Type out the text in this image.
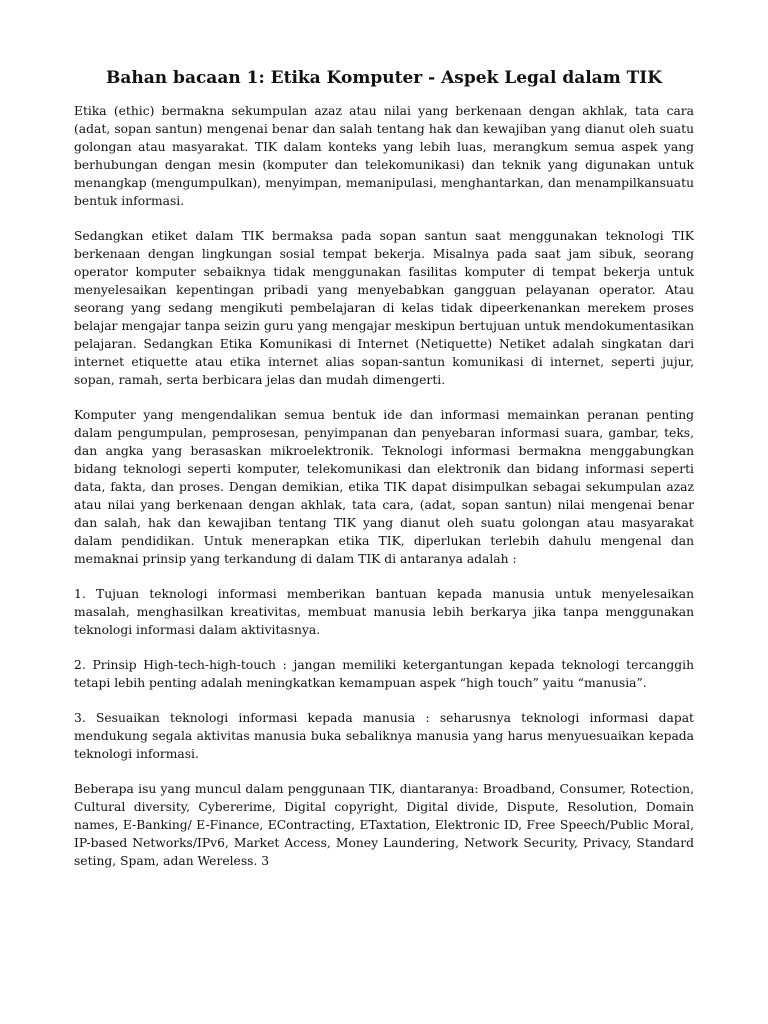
Bahan bacaan 1: Etika Komputer - Aspek Legal dalam TIK

Etika (ethic) bermakna sekumpulan azaz atau nilai yang berkenaan dengan akhlak, tata cara (adat, sopan santun) mengenai benar dan salah tentang hak dan kewajiban yang dianut oleh suatu golongan atau masyarakat. TIK dalam konteks yang lebih luas, merangkum semua aspek yang berhubungan dengan mesin (komputer dan telekomunikasi) dan teknik yang digunakan untuk menangkap (mengumpulkan), menyimpan, memanipulasi, menghantarkan, dan menampilkansuatu bentuk informasi.

Sedangkan etiket dalam TIK bermaksa pada sopan santun saat menggunakan teknologi TIK berkenaan dengan lingkungan sosial tempat bekerja. Misalnya pada saat jam sibuk, seorang operator komputer sebaiknya tidak menggunakan fasilitas komputer di tempat bekerja untuk menyelesaikan kepentingan pribadi yang menyebabkan gangguan pelayanan operator. Atau seorang yang sedang mengikuti pembelajaran di kelas tidak dipeerkenankan merekem proses belajar mengajar tanpa seizin guru yang mengajar meskipun bertujuan untuk mendokumentasikan pelajaran. Sedangkan Etika Komunikasi di Internet (Netiquette) Netiket adalah singkatan dari internet etiquette atau etika internet alias sopan-santun komunikasi di internet, seperti jujur, sopan, ramah, serta berbicara jelas dan mudah dimengerti.

Komputer yang mengendalikan semua bentuk ide dan informasi memainkan peranan penting dalam pengumpulan, pemprosesan, penyimpanan dan penyebaran informasi suara, gambar, teks, dan angka yang berasaskan mikroelektronik. Teknologi informasi bermakna menggabungkan bidang teknologi seperti komputer, telekomunikasi dan elektronik dan bidang informasi seperti data, fakta, dan proses. Dengan demikian, etika TIK dapat disimpulkan sebagai sekumpulan azaz atau nilai yang berkenaan dengan akhlak, tata cara, (adat, sopan santun) nilai mengenai benar dan salah, hak dan kewajiban tentang TIK yang dianut oleh suatu golongan atau masyarakat dalam pendidikan. Untuk menerapkan etika TIK, diperlukan terlebih dahulu mengenal dan memaknai prinsip yang terkandung di dalam TIK di antaranya adalah :

1. Tujuan teknologi informasi memberikan bantuan kepada manusia untuk menyelesaikan masalah, menghasilkan kreativitas, membuat manusia lebih berkarya jika tanpa menggunakan teknologi informasi dalam aktivitasnya.

2. Prinsip High-tech-high-touch : jangan memiliki ketergantungan kepada teknologi tercanggih tetapi lebih penting adalah meningkatkan kemampuan aspek “high touch” yaitu “manusia”.

3. Sesuaikan teknologi informasi kepada manusia : seharusnya teknologi informasi dapat mendukung segala aktivitas manusia buka sebaliknya manusia yang harus menyuesuaikan kepada teknologi informasi.

Beberapa isu yang muncul dalam penggunaan TIK, diantaranya: Broadband, Consumer, Rotection, Cultural diversity, Cybererime, Digital copyright, Digital divide, Dispute, Resolution, Domain names, E-Banking/ E-Finance, EContracting, ETaxtation, Elektronic ID, Free Speech/Public Moral, IP-based Networks/IPv6, Market Access, Money Laundering, Network Security, Privacy, Standard seting, Spam, adan Wereless. 3
